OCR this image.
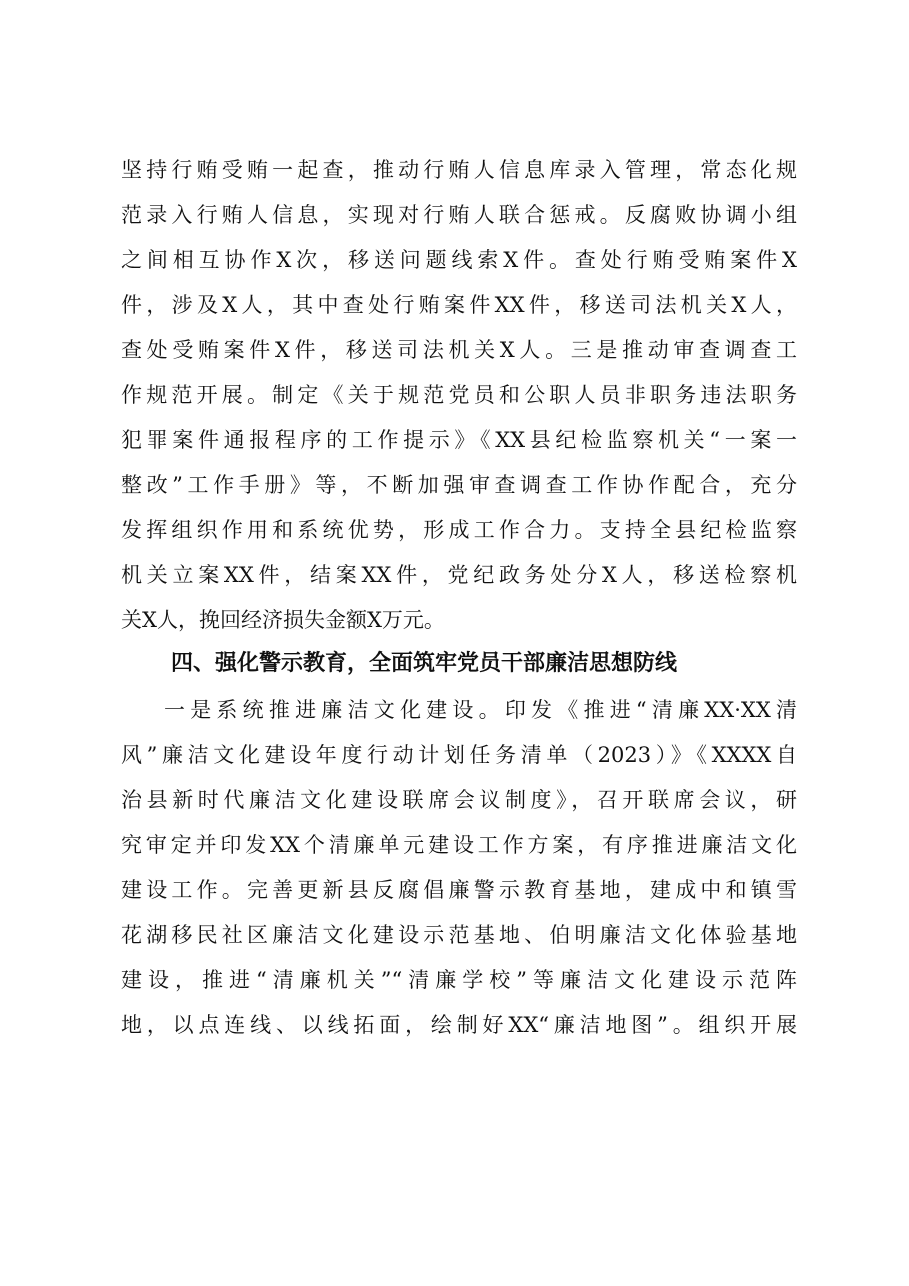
坚持行贿受贿一起查，推动行贿人信息库录入管理，常态化规
范录入行贿人信息，实现对行贿人联合惩戒。反腐败协调小组
之间相互协作X次，移送问题线索X件。查处行贿受贿案件X
件，涉及X人，其中查处行贿案件XX件，移送司法机关X人，
查处受贿案件X件，移送司法机关X人。三是推动审查调查工
作规范开展。制定《关于规范党员和公职人员非职务违法职务
犯罪案件通报程序的工作提示》《XX县纪检监察机关“一案一
整改”工作手册》等，不断加强审查调查工作协作配合，充分
发挥组织作用和系统优势，形成工作合力。支持全县纪检监察
机关立案XX件，结案XX件，党纪政务处分X人，移送检察机
关X人，挽回经济损失金额X万元。
四、强化警示教育，全面筑牢党员干部廉洁思想防线
一是系统推进廉洁文化建设。印发《推进“清廉XX·XX清
风”廉洁文化建设年度行动计划任务清单（2023）》《XXXX自
治县新时代廉洁文化建设联席会议制度》，召开联席会议，研
究审定并印发XX个清廉单元建设工作方案，有序推进廉洁文化
建设工作。完善更新县反腐倡廉警示教育基地，建成中和镇雪
花湖移民社区廉洁文化建设示范基地、伯明廉洁文化体验基地
建设，推进“清廉机关”“清廉学校”等廉洁文化建设示范阵
地，以点连线、以线拓面，绘制好XX“廉洁地图”。组织开展
